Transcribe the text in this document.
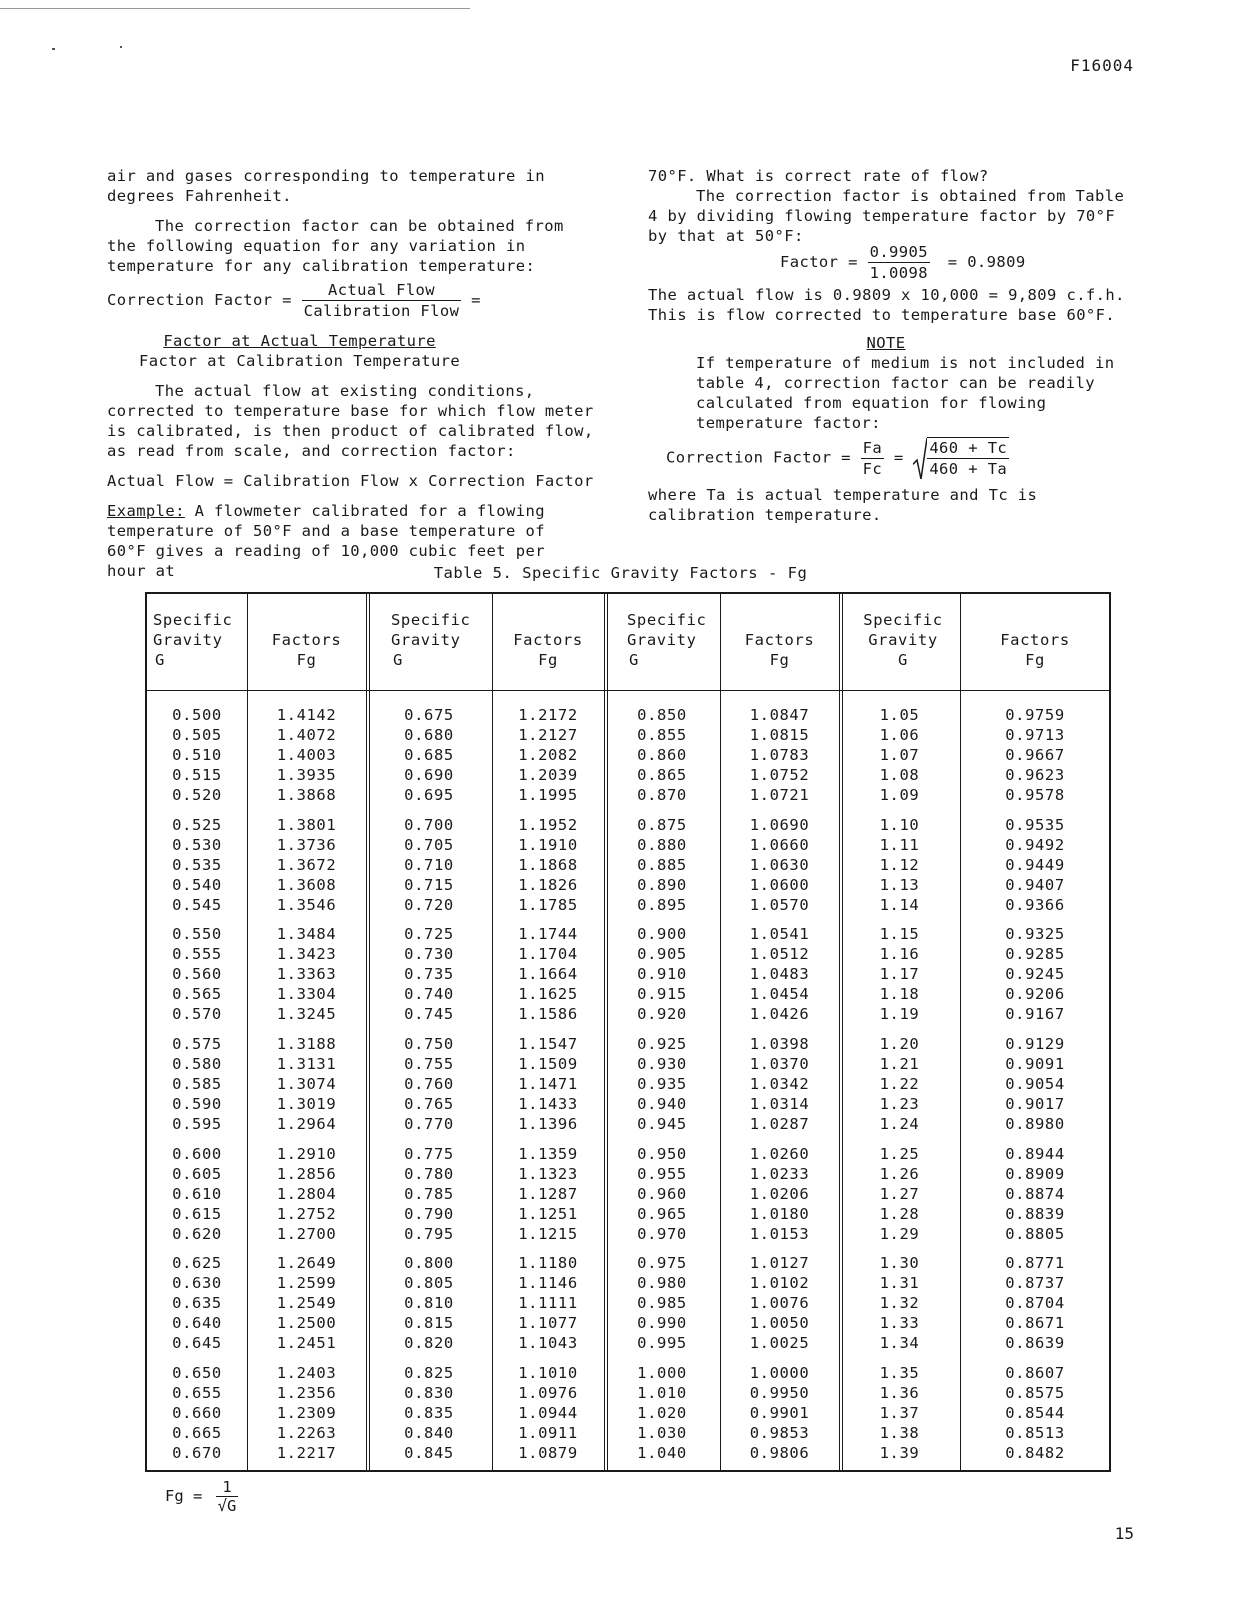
F16004

air and gases corresponding to temperature in degrees Fahrenheit.

The correction factor can be obtained from the following equation for any variation in temperature for any calibration temperature:

Correction Factor = $\frac{\text{Actual Flow}}{\text{Calibration Flow}}$ =
$\frac{\text{Factor at Actual Temperature}}{\text{Factor at Calibration Temperature}}$

The actual flow at existing conditions, corrected to temperature base for which flow meter is calibrated, is then product of calibrated flow, as read from scale, and correction factor:

Actual Flow = Calibration Flow x Correction Factor

Example: A flowmeter calibrated for a flowing temperature of 50°F and a base temperature of 60°F gives a reading of 10,000 cubic feet per hour at

70°F. What is correct rate of flow?

The correction factor is obtained from Table 4 by dividing flowing temperature factor by 70°F by that at 50°F:

Factor = $\frac{0.9905}{1.0098} = 0.9809$

The actual flow is 0.9809 x 10,000 = 9,809 c.f.h. This is flow corrected to temperature base 60°F.

NOTE

If temperature of medium is not included in table 4, correction factor can be readily calculated from equation for flowing temperature factor:

Correction Factor = $\frac{Fa}{Fc} = \frac{460 + Tc}{460 + Ta}$

where Ta is actual temperature and Tc is calibration temperature.

Table 5. Specific Gravity Factors - Fg
Specific
Gravity
G
Factors
Fg
Specific
Gravity
G
Factors
Fg
Specific
Gravity
G
Factors
Fg
Specific
Gravity
G
Factors
Fg
0.500
0.505
0.510
0.515
0.520
0.525
0.530
0.535
0.540
0.545
0.550
0.555
0.560
0.565
0.570
0.575
0.580
0.585
0.590
0.595
0.600
0.605
0.610
0.615
0.620
0.625
0.630
0.635
0.640
0.645
0.650
0.655
0.660
0.665
0.670
1.4142
1.4072
1.4003
1.3935
1.3868
1.3801
1.3736
1.3672
1.3608
1.3546
1.3484
1.3423
1.3363
1.3304
1.3245
1.3188
1.3131
1.3074
1.3019
1.2964
1.2910
1.2856
1.2804
1.2752
1.2700
1.2649
1.2599
1.2549
1.2500
1.2451
1.2403
1.2356
1.2309
1.2263
1.2217
0.675
0.680
0.685
0.690
0.695
0.700
0.705
0.710
0.715
0.720
0.725
0.730
0.735
0.740
0.745
0.750
0.755
0.760
0.765
0.770
0.775
0.780
0.785
0.790
0.795
0.800
0.805
0.810
0.815
0.820
0.825
0.830
0.835
0.840
0.845
1.2172
1.2127
1.2082
1.2039
1.1995
1.1952
1.1910
1.1868
1.1826
1.1785
1.1744
1.1704
1.1664
1.1625
1.1586
1.1547
1.1509
1.1471
1.1433
1.1396
1.1359
1.1323
1.1287
1.1251
1.1215
1.1180
1.1146
1.1111
1.1077
1.1043
1.1010
1.0976
1.0944
1.0911
1.0879
0.850
0.855
0.860
0.865
0.870
0.875
0.880
0.885
0.890
0.895
0.900
0.905
0.910
0.915
0.920
0.925
0.930
0.935
0.940
0.945
0.950
0.955
0.960
0.965
0.970
0.975
0.980
0.985
0.990
0.995
1.000
1.010
1.020
1.030
1.040
1.0847
1.0815
1.0783
1.0752
1.0721
1.0690
1.0660
1.0630
1.0600
1.0570
1.0541
1.0512
1.0483
1.0454
1.0426
1.0398
1.0370
1.0342
1.0314
1.0287
1.0260
1.0233
1.0206
1.0180
1.0153
1.0127
1.0102
1.0076
1.0050
1.0025
1.0000
0.9950
0.9901
0.9853
0.9806
1.05
1.06
1.07
1.08
1.09
1.10
1.11
1.12
1.13
1.14
1.15
1.16
1.17
1.18
1.19
1.20
1.21
1.22
1.23
1.24
1.25
1.26
1.27
1.28
1.29
1.30
1.31
1.32
1.33
1.34
1.35
1.36
1.37
1.38
1.39
0.9759
0.9713
0.9667
0.9623
0.9578
0.9535
0.9492
0.9449
0.9407
0.9366
0.9325
0.9285
0.9245
0.9206
0.9167
0.9129
0.9091
0.9054
0.9017
0.8980
0.8944
0.8909
0.8874
0.8839
0.8805
0.8771
0.8737
0.8704
0.8671
0.8639
0.8607
0.8575
0.8544
0.8513
0.8482
$Fg = \frac{1}{√G}$
15
